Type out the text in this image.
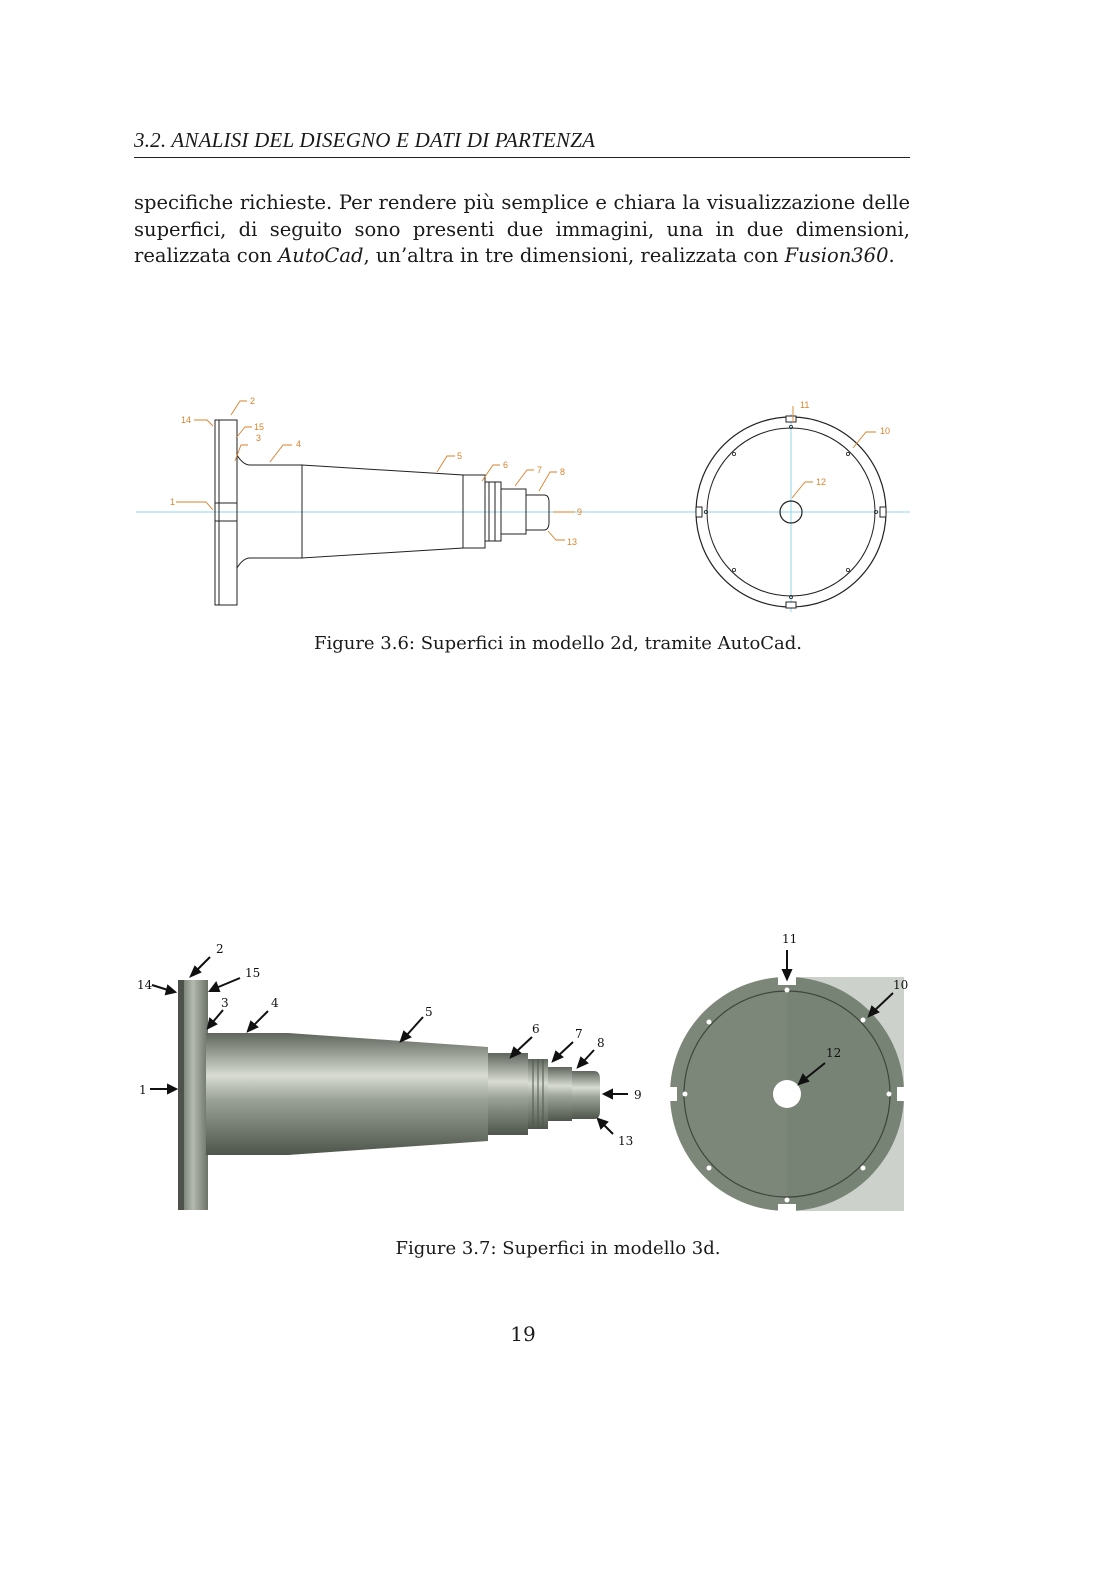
3.2. ANALISI DEL DISEGNO E DATI DI PARTENZA
specifiche richieste. Per rendere più semplice e chiara la visualizzazione delle superfici, di seguito sono presenti due immagini, una in due dimensioni, realizzata con AutoCad, un’altra in tre dimensioni, realizzata con Fusion360.
1
2
3
4
5
6	7 8
9
10
11
12
13
14
15
Figure 3.6: Superfici in modello 2d, tramite AutoCad.
1
2
3	4
5
6	7
8
9
10
11
12
13
14
15
Figure 3.7: Superfici in modello 3d.
19
